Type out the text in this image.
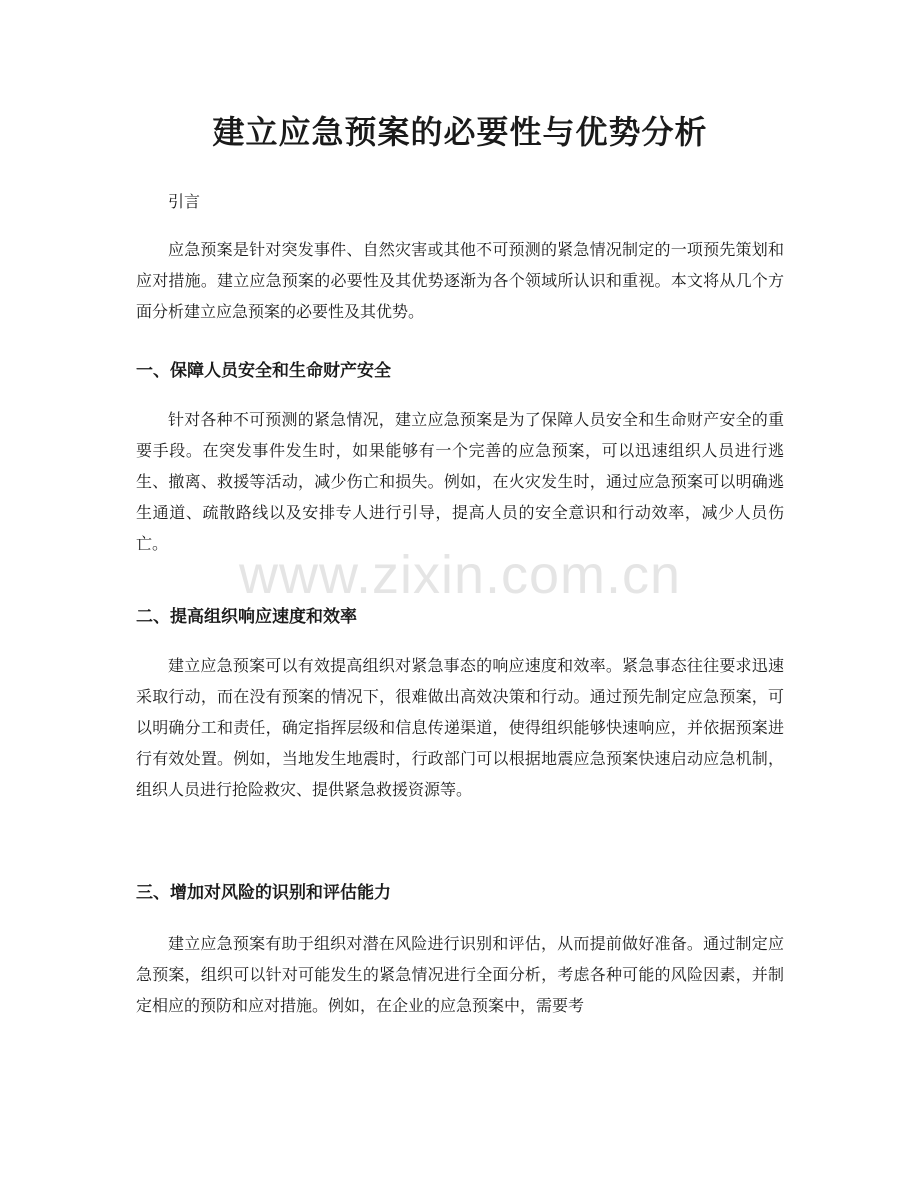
建立应急预案的必要性与优势分析

引言

应急预案是针对突发事件、自然灾害或其他不可预测的紧急情况制定的一项预先策划和应对措施。建立应急预案的必要性及其优势逐渐为各个领域所认识和重视。本文将从几个方面分析建立应急预案的必要性及其优势。

一、保障人员安全和生命财产安全

针对各种不可预测的紧急情况，建立应急预案是为了保障人员安全和生命财产安全的重要手段。在突发事件发生时，如果能够有一个完善的应急预案，可以迅速组织人员进行逃生、撤离、救援等活动，减少伤亡和损失。例如，在火灾发生时，通过应急预案可以明确逃生通道、疏散路线以及安排专人进行引导，提高人员的安全意识和行动效率，减少人员伤亡。

二、提高组织响应速度和效率

建立应急预案可以有效提高组织对紧急事态的响应速度和效率。紧急事态往往要求迅速采取行动，而在没有预案的情况下，很难做出高效决策和行动。通过预先制定应急预案，可以明确分工和责任，确定指挥层级和信息传递渠道，使得组织能够快速响应，并依据预案进行有效处置。例如，当地发生地震时，行政部门可以根据地震应急预案快速启动应急机制，组织人员进行抢险救灾、提供紧急救援资源等。

三、增加对风险的识别和评估能力

建立应急预案有助于组织对潜在风险进行识别和评估，从而提前做好准备。通过制定应急预案，组织可以针对可能发生的紧急情况进行全面分析，考虑各种可能的风险因素，并制定相应的预防和应对措施。例如，在企业的应急预案中，需要考

www.zixin.com.cn
